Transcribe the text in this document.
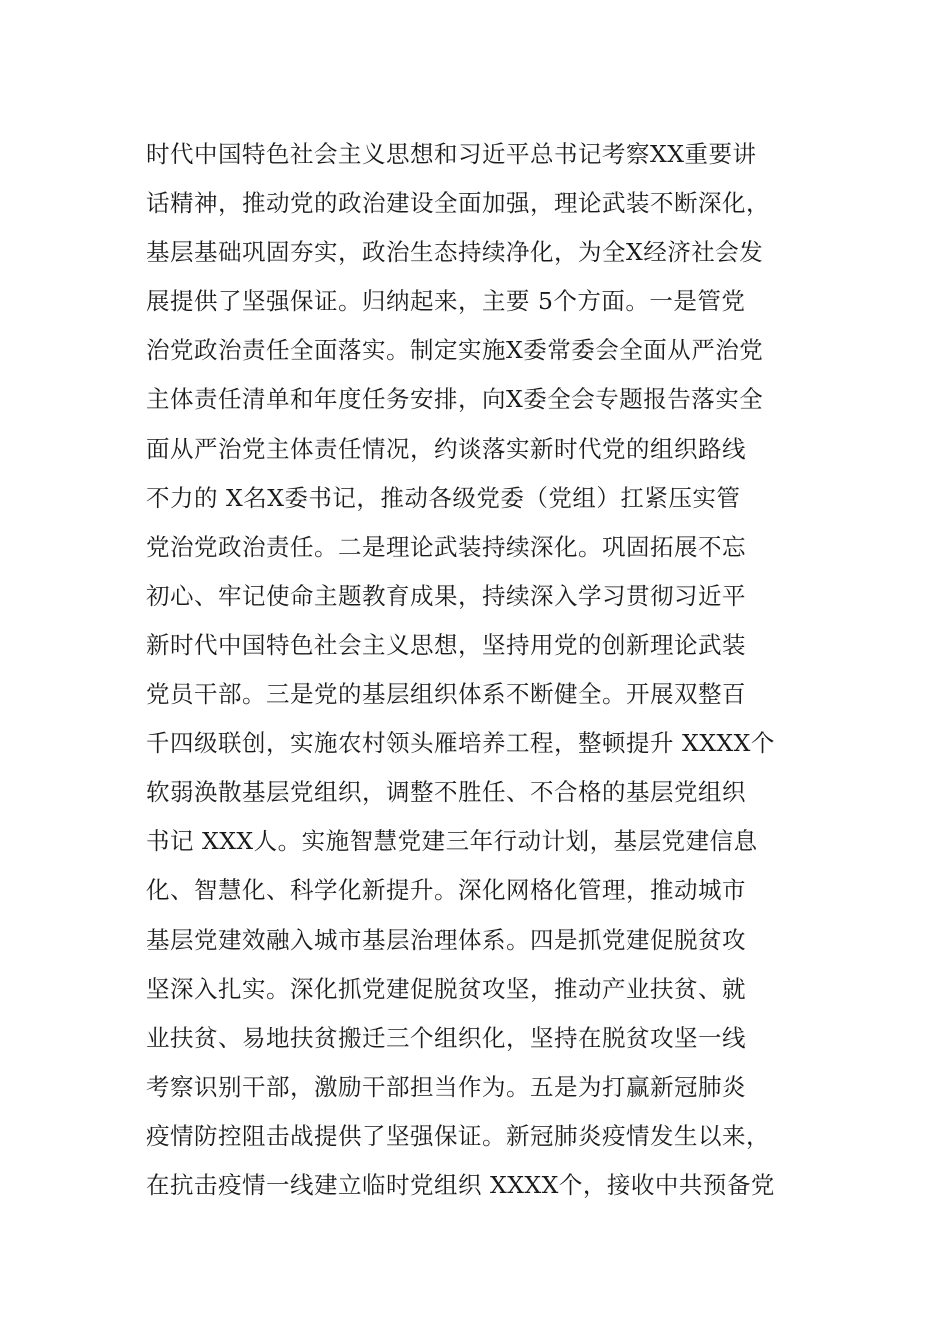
时代中国特色社会主义思想和习近平总书记考察XX重要讲
话精神，推动党的政治建设全面加强，理论武装不断深化，
基层基础巩固夯实，政治生态持续净化，为全X经济社会发
展提供了坚强保证。归纳起来，主要 5个方面。一是管党
治党政治责任全面落实。制定实施X委常委会全面从严治党
主体责任清单和年度任务安排，向X委全会专题报告落实全
面从严治党主体责任情况，约谈落实新时代党的组织路线
不力的 X名X委书记，推动各级党委（党组）扛紧压实管
党治党政治责任。二是理论武装持续深化。巩固拓展不忘
初心、牢记使命主题教育成果，持续深入学习贯彻习近平
新时代中国特色社会主义思想，坚持用党的创新理论武装
党员干部。三是党的基层组织体系不断健全。开展双整百
千四级联创，实施农村领头雁培养工程，整顿提升 XXXX个
软弱涣散基层党组织，调整不胜任、不合格的基层党组织
书记 XXX人。实施智慧党建三年行动计划，基层党建信息
化、智慧化、科学化新提升。深化网格化管理，推动城市
基层党建效融入城市基层治理体系。四是抓党建促脱贫攻
坚深入扎实。深化抓党建促脱贫攻坚，推动产业扶贫、就
业扶贫、易地扶贫搬迁三个组织化，坚持在脱贫攻坚一线
考察识别干部，激励干部担当作为。五是为打赢新冠肺炎
疫情防控阻击战提供了坚强保证。新冠肺炎疫情发生以来，
在抗击疫情一线建立临时党组织 XXXX个，接收中共预备党
